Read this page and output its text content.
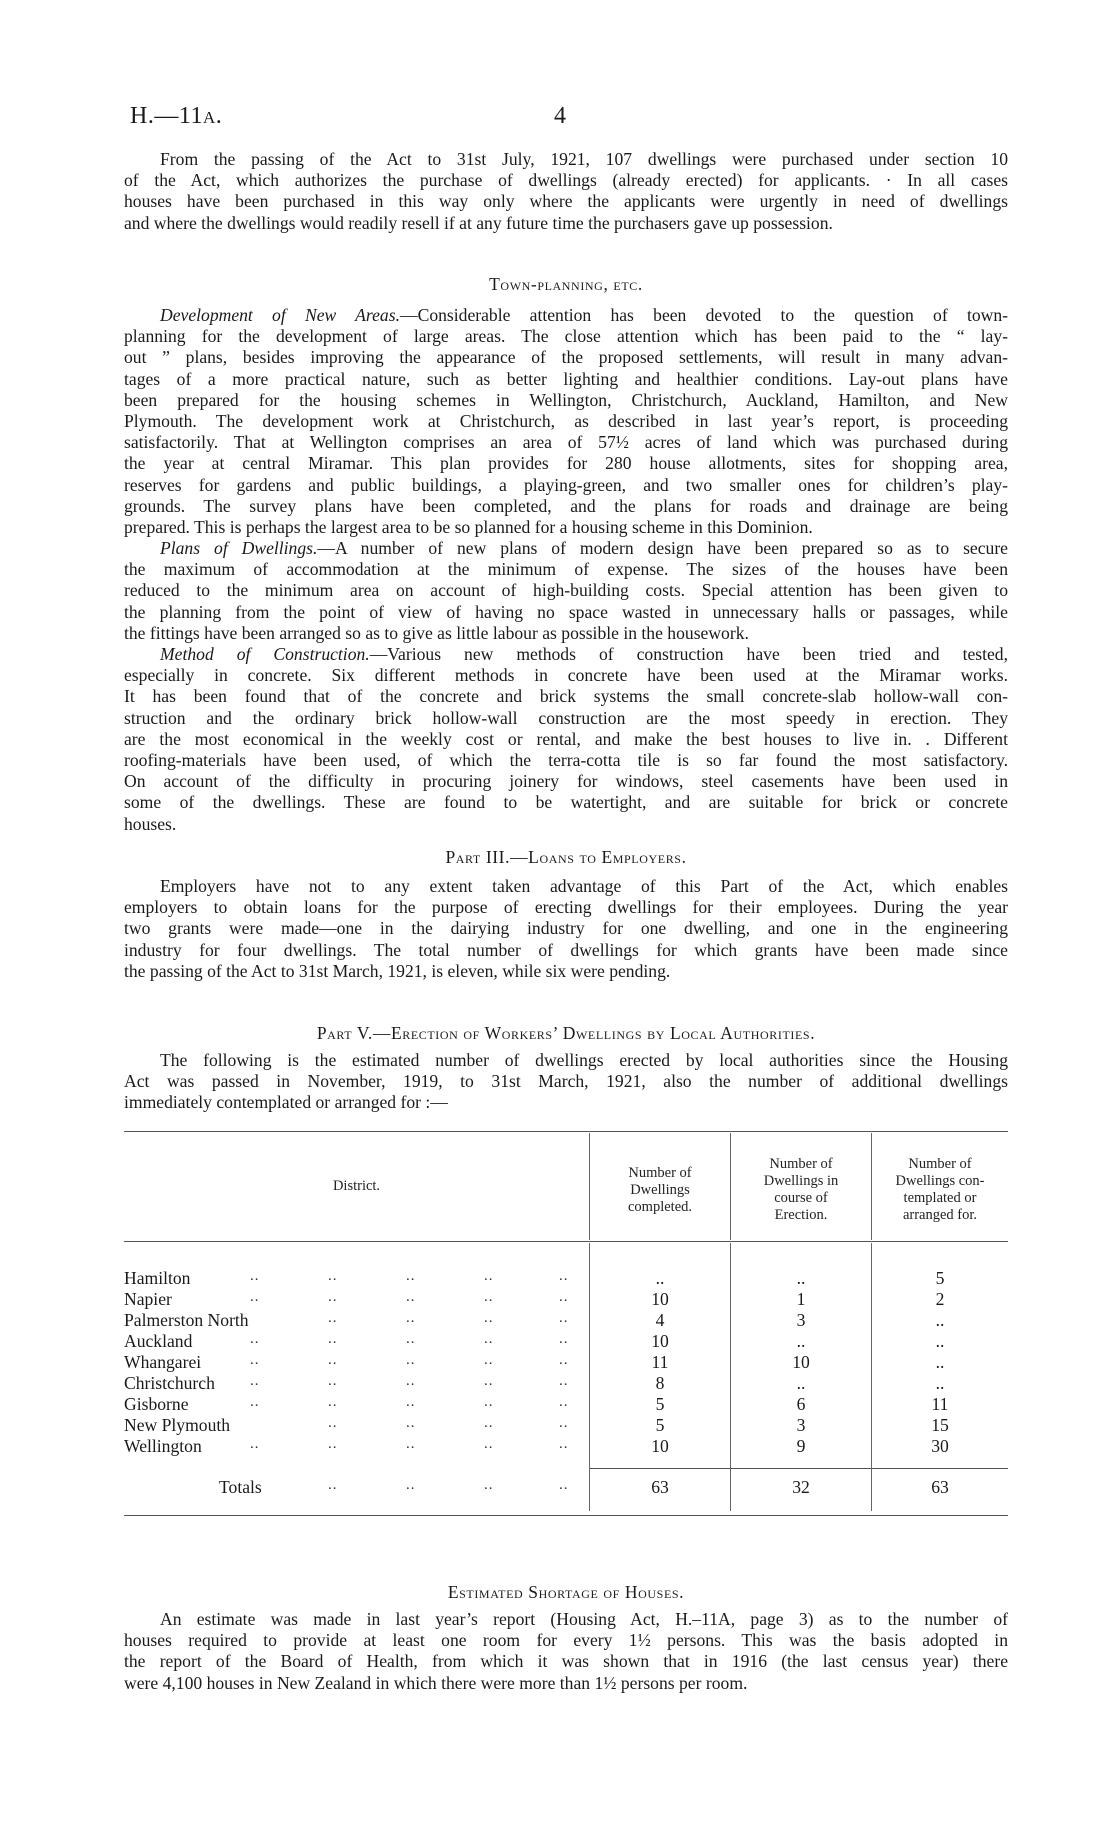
H.—11A.	4
From the passing of the Act to 31st July, 1921, 107 dwellings were purchased under section 10
of the Act, which authorizes the purchase of dwellings (already erected) for applicants. · In all cases
houses have been purchased in this way only where the applicants were urgently in need of dwellings
and where the dwellings would readily resell if at any future time the purchasers gave up possession.
Town-planning, etc.
Development of New Areas.—Considerable attention has been devoted to the question of town-
planning for the development of large areas. The close attention which has been paid to the “ lay-
out ” plans, besides improving the appearance of the proposed settlements, will result in many advan-
tages of a more practical nature, such as better lighting and healthier conditions. Lay-out plans have
been prepared for the housing schemes in Wellington, Christchurch, Auckland, Hamilton, and New
Plymouth. The development work at Christchurch, as described in last year’s report, is proceeding
satisfactorily. That at Wellington comprises an area of 57½ acres of land which was purchased during
the year at central Miramar. This plan provides for 280 house allotments, sites for shopping area,
reserves for gardens and public buildings, a playing-green, and two smaller ones for children’s play-
grounds. The survey plans have been completed, and the plans for roads and drainage are being
prepared. This is perhaps the largest area to be so planned for a housing scheme in this Dominion.
Plans of Dwellings.—A number of new plans of modern design have been prepared so as to secure
the maximum of accommodation at the minimum of expense. The sizes of the houses have been
reduced to the minimum area on account of high-building costs. Special attention has been given to
the planning from the point of view of having no space wasted in unnecessary halls or passages, while
the fittings have been arranged so as to give as little labour as possible in the housework.
Method of Construction.—Various new methods of construction have been tried and tested,
especially in concrete. Six different methods in concrete have been used at the Miramar works.
It has been found that of the concrete and brick systems the small concrete-slab hollow-wall con-
struction and the ordinary brick hollow-wall construction are the most speedy in erection. They
are the most economical in the weekly cost or rental, and make the best houses to live in. . Different
roofing-materials have been used, of which the terra-cotta tile is so far found the most satisfactory.
On account of the difficulty in procuring joinery for windows, steel casements have been used in
some of the dwellings. These are found to be watertight, and are suitable for brick or concrete
houses.
Part III.—Loans to Employers.
Employers have not to any extent taken advantage of this Part of the Act, which enables
employers to obtain loans for the purpose of erecting dwellings for their employees. During the year
two grants were made—one in the dairying industry for one dwelling, and one in the engineering
industry for four dwellings. The total number of dwellings for which grants have been made since
the passing of the Act to 31st March, 1921, is eleven, while six were pending.
Part V.—Erection of Workers’ Dwellings by Local Authorities.
The following is the estimated number of dwellings erected by local authorities since the Housing
Act was passed in November, 1919, to 31st March, 1921, also the number of additional dwellings
immediately contemplated or arranged for :—
District.
Number of
Dwellings
completed.
Number of
Dwellings in
course of
Erection.
Number of
Dwellings con-
templated or
arranged for.
Hamilton	..	..	..	..	..	..	..	5
Napier	..	..	..	..	..	10	1	2
Palmerston North	..	..	..	..	4	3	..
Auckland	..	..	..	..	..	10	..	..
Whangarei	..	..	..	..	..	11	10	..
Christchurch ..	..	..	..	..	8	..	..
Gisborne	..	..	..	..	..	5	6	11
New Plymouth	..	..	..	..	5	3	15
Wellington	..	..	..	..	..	10	9	30
Totals	..	..	..	..	63	32	63
Estimated Shortage of Houses.
An estimate was made in last year’s report (Housing Act, H.–11A, page 3) as to the number of
houses required to provide at least one room for every 1½ persons. This was the basis adopted in
the report of the Board of Health, from which it was shown that in 1916 (the last census year) there
were 4,100 houses in New Zealand in which there were more than 1½ persons per room.
